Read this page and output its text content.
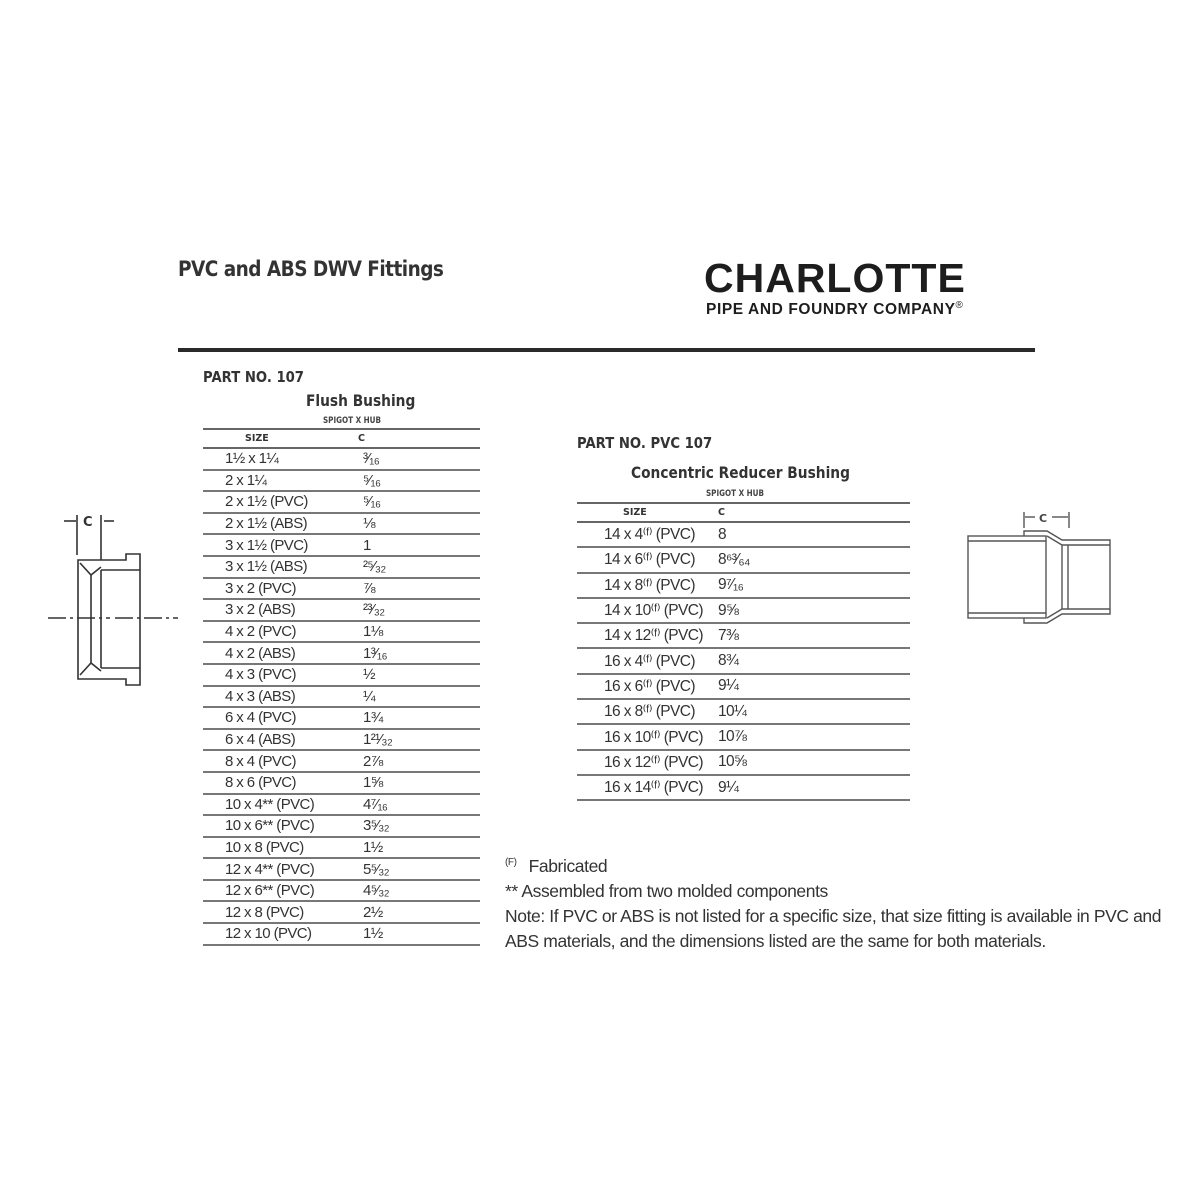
PVC and ABS DWV Fittings	CHARLOTTE
PIPE AND FOUNDRY COMPANY®
PART NO. 107
Flush Bushing
SPIGOT X HUB
SIZE	C
1½ x 1¼	³⁄₁₆
2 x 1¼	⁵⁄₁₆
2 x 1½ (PVC)	⁵⁄₁₆
2 x 1½ (ABS)	⅛
3 x 1½ (PVC)	1
3 x 1½ (ABS)	²⁵⁄₃₂
3 x 2 (PVC)	⅞
3 x 2 (ABS)	²³⁄₃₂
4 x 2 (PVC)	1⅛
4 x 2 (ABS)	1³⁄₁₆
4 x 3 (PVC)	½
4 x 3 (ABS)	¼
6 x 4 (PVC)	1¾
6 x 4 (ABS)	1²¹⁄₃₂
8 x 4 (PVC)	2⅞
8 x 6 (PVC)	1⅝
10 x 4** (PVC)	4⁷⁄₁₆
10 x 6** (PVC)	3⁵⁄₃₂
10 x 8 (PVC)	1½
12 x 4** (PVC)	5⁵⁄₃₂
12 x 6** (PVC)	4⁵⁄₃₂
12 x 8 (PVC)	2½
12 x 10 (PVC)	1½
C
PART NO. PVC 107
Concentric Reducer Bushing
SPIGOT X HUB
SIZE	C
14 x 4⁽ᶠ⁾ (PVC)	8
14 x 6⁽ᶠ⁾ (PVC)	8⁶³⁄₆₄
14 x 8⁽ᶠ⁾ (PVC)	9⁷⁄₁₆
14 x 10⁽ᶠ⁾ (PVC)	9⅝
14 x 12⁽ᶠ⁾ (PVC)	7⅜
16 x 4⁽ᶠ⁾ (PVC)	8¾
16 x 6⁽ᶠ⁾ (PVC)	9¼
16 x 8⁽ᶠ⁾ (PVC)	10¼
16 x 10⁽ᶠ⁾ (PVC)	10⅞
16 x 12⁽ᶠ⁾ (PVC)	10⅝
16 x 14⁽ᶠ⁾ (PVC)	9¼
C
$^{(F)}$ Fabricated
** Assembled from two molded components
Note: If PVC or ABS is not listed for a specific size, that size fitting is available in PVC and
ABS materials, and the dimensions listed are the same for both materials.
